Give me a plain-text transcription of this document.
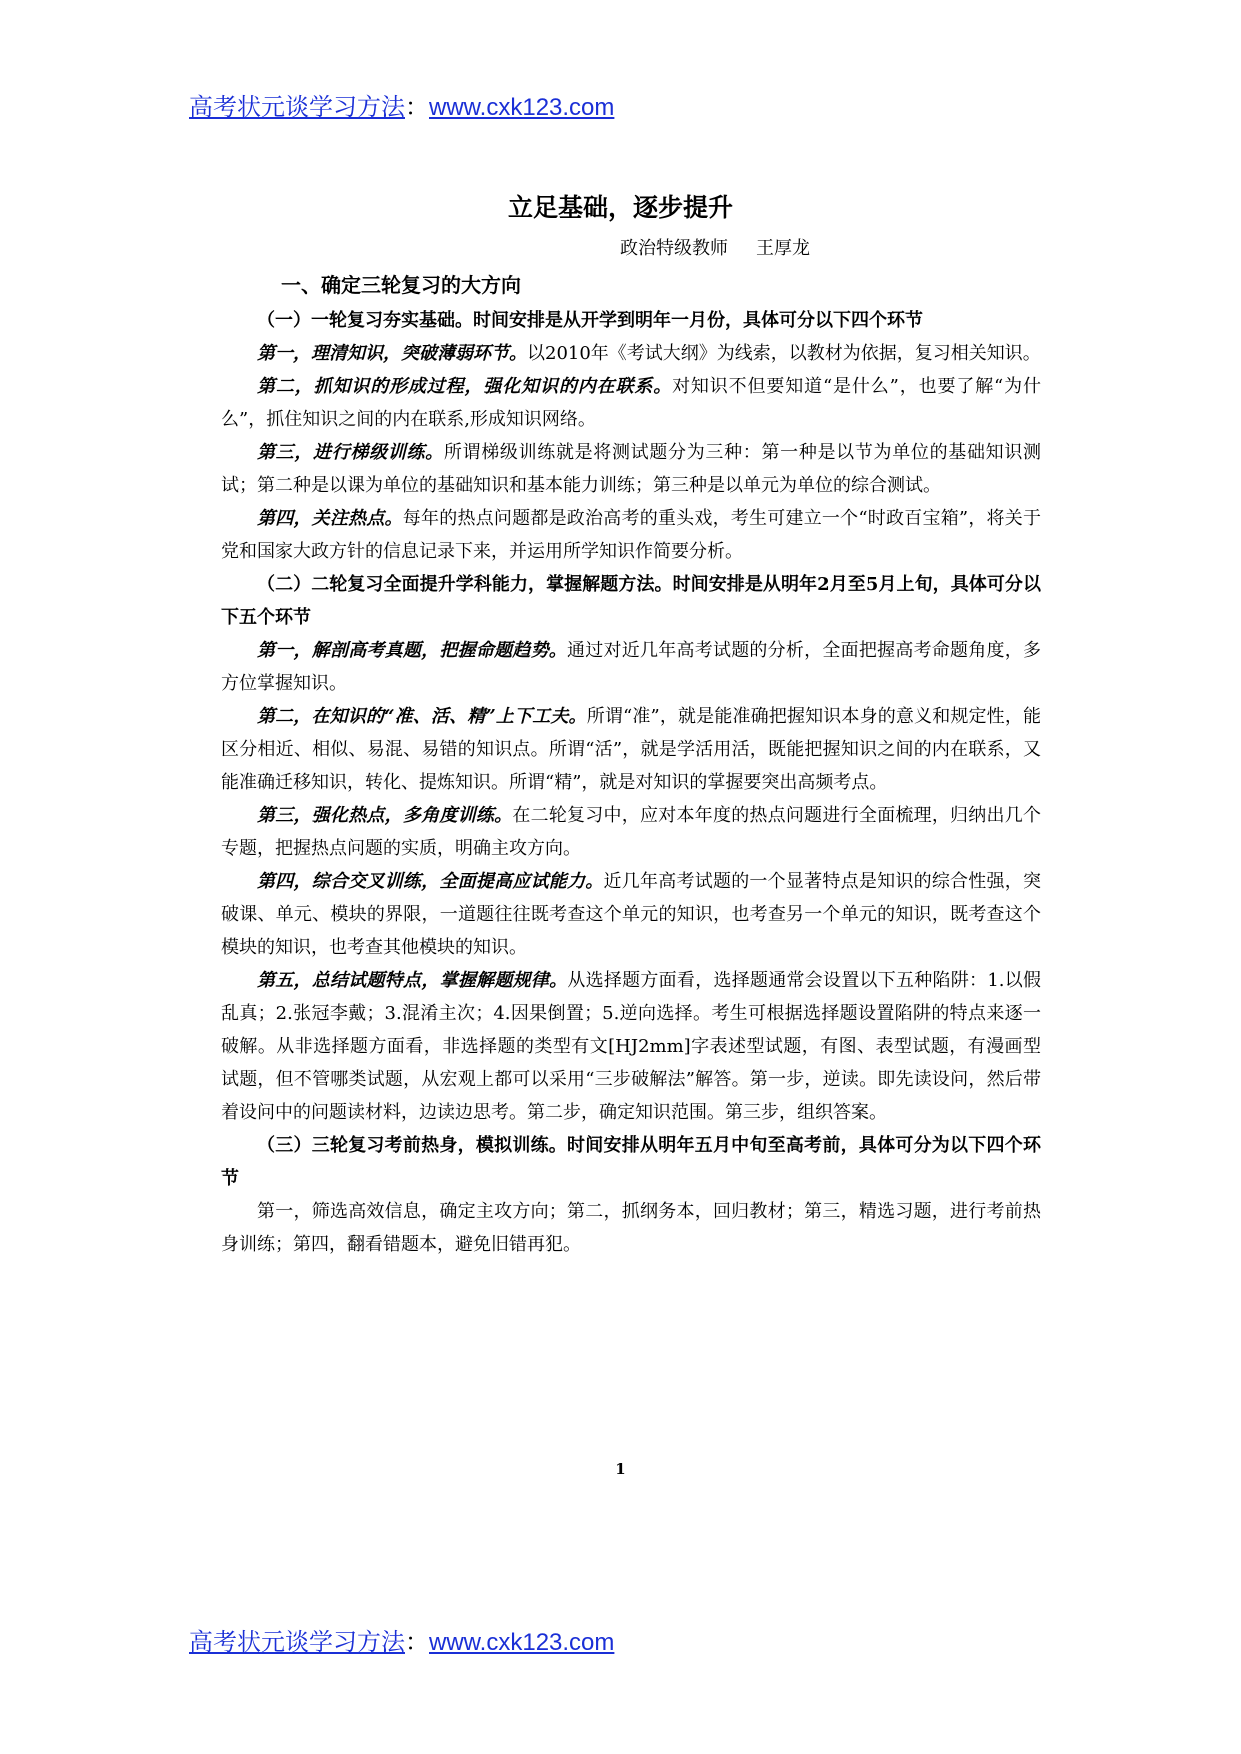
高考状元谈学习方法：www.cxk123.com
立足基础，逐步提升
政治特级教师 王厚龙

一、确定三轮复习的大方向

（一）一轮复习夯实基础。时间安排是从开学到明年一月份，具体可分以下四个环节

第一，理清知识，突破薄弱环节。以2010年《考试大纲》为线索，以教材为依据，复习相关知识。

第二，抓知识的形成过程，强化知识的内在联系。对知识不但要知道“是什么”，也要了解“为什么”，抓住知识之间的内在联系,形成知识网络。

第三，进行梯级训练。所谓梯级训练就是将测试题分为三种：第一种是以节为单位的基础知识测试；第二种是以课为单位的基础知识和基本能力训练；第三种是以单元为单位的综合测试。

第四，关注热点。每年的热点问题都是政治高考的重头戏，考生可建立一个“时政百宝箱”，将关于党和国家大政方针的信息记录下来，并运用所学知识作简要分析。

（二）二轮复习全面提升学科能力，掌握解题方法。时间安排是从明年2月至5月上旬，具体可分以下五个环节

第一，解剖高考真题，把握命题趋势。通过对近几年高考试题的分析，全面把握高考命题角度，多方位掌握知识。

第二，在知识的“准、活、精”上下工夫。所谓“准”，就是能准确把握知识本身的意义和规定性，能区分相近、相似、易混、易错的知识点。所谓“活”，就是学活用活，既能把握知识之间的内在联系，又能准确迁移知识，转化、提炼知识。所谓“精”，就是对知识的掌握要突出高频考点。

第三，强化热点，多角度训练。在二轮复习中，应对本年度的热点问题进行全面梳理，归纳出几个专题，把握热点问题的实质，明确主攻方向。

第四，综合交叉训练，全面提高应试能力。近几年高考试题的一个显著特点是知识的综合性强，突破课、单元、模块的界限，一道题往往既考查这个单元的知识，也考查另一个单元的知识，既考查这个模块的知识，也考查其他模块的知识。

第五，总结试题特点，掌握解题规律。从选择题方面看，选择题通常会设置以下五种陷阱：1.以假乱真；2.张冠李戴；3.混淆主次；4.因果倒置；5.逆向选择。考生可根据选择题设置陷阱的特点来逐一破解。从非选择题方面看，非选择题的类型有文[HJ2mm]字表述型试题，有图、表型试题，有漫画型试题，但不管哪类试题，从宏观上都可以采用“三步破解法”解答。第一步，逆读。即先读设问，然后带着设问中的问题读材料，边读边思考。第二步，确定知识范围。第三步，组织答案。

（三）三轮复习考前热身，模拟训练。时间安排从明年五月中旬至高考前，具体可分为以下四个环节

第一，筛选高效信息，确定主攻方向；第二，抓纲务本，回归教材；第三，精选习题，进行考前热身训练；第四，翻看错题本，避免旧错再犯。

1
高考状元谈学习方法：www.cxk123.com
